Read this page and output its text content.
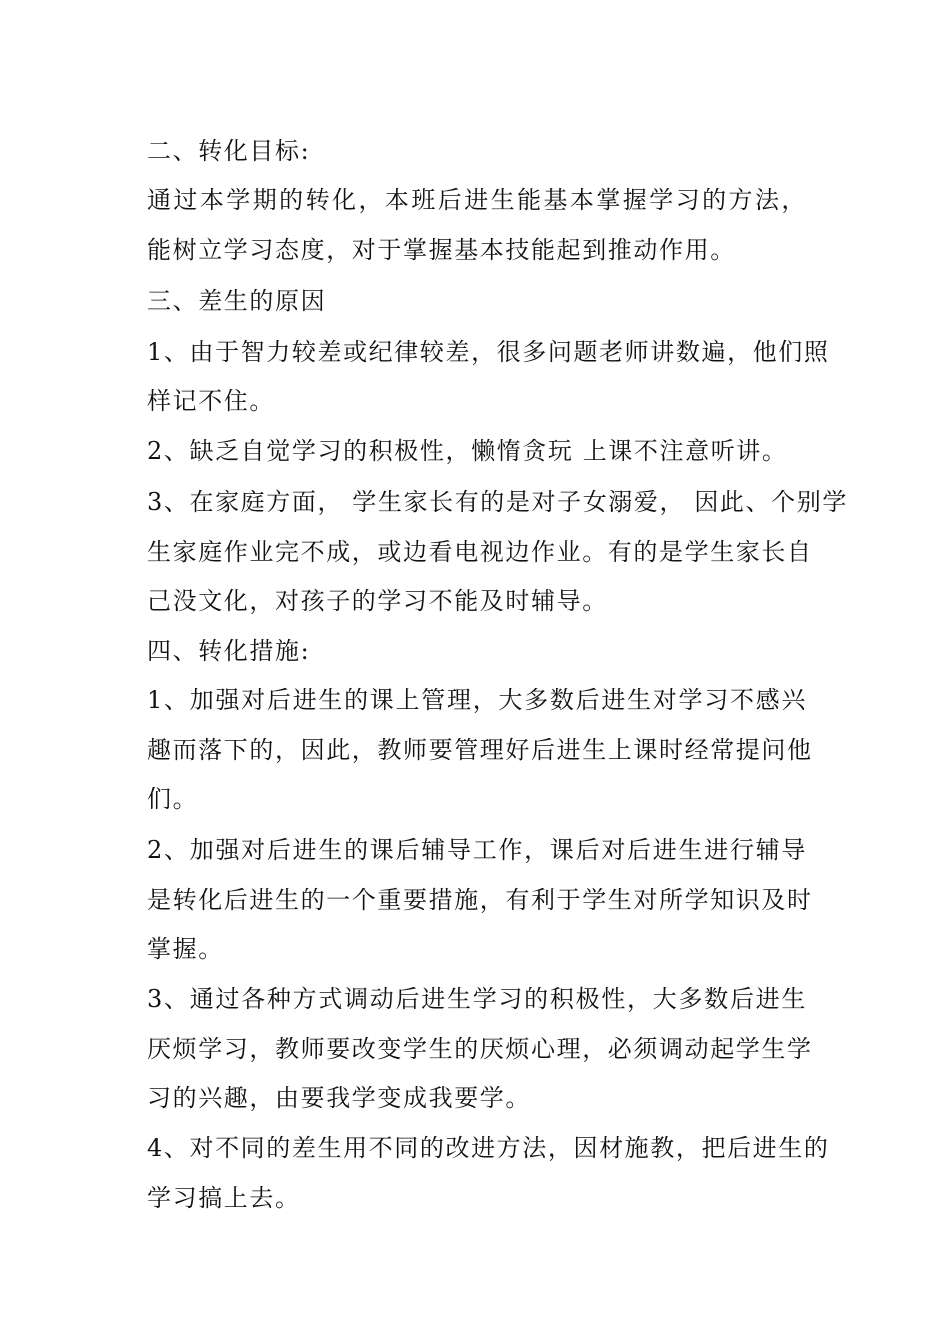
二、转化目标:
通过本学期的转化，本班后进生能基本掌握学习的方法，
能树立学习态度，对于掌握基本技能起到推动作用。
三、差生的原因
1、由于智力较差或纪律较差，很多问题老师讲数遍，他们照
样记不住。
2、缺乏自觉学习的积极性，懒惰贪玩 上课不注意听讲。
3、在家庭方面， 学生家长有的是对子女溺爱， 因此、个别学
生家庭作业完不成，或边看电视边作业。有的是学生家长自
己没文化，对孩子的学习不能及时辅导。
四、转化措施:
1、加强对后进生的课上管理，大多数后进生对学习不感兴
趣而落下的，因此，教师要管理好后进生上课时经常提问他
们。
2、加强对后进生的课后辅导工作，课后对后进生进行辅导
是转化后进生的一个重要措施，有利于学生对所学知识及时
掌握。
3、通过各种方式调动后进生学习的积极性，大多数后进生
厌烦学习，教师要改变学生的厌烦心理，必须调动起学生学
习的兴趣，由要我学变成我要学。
4、对不同的差生用不同的改进方法，因材施教，把后进生的
学习搞上去。
